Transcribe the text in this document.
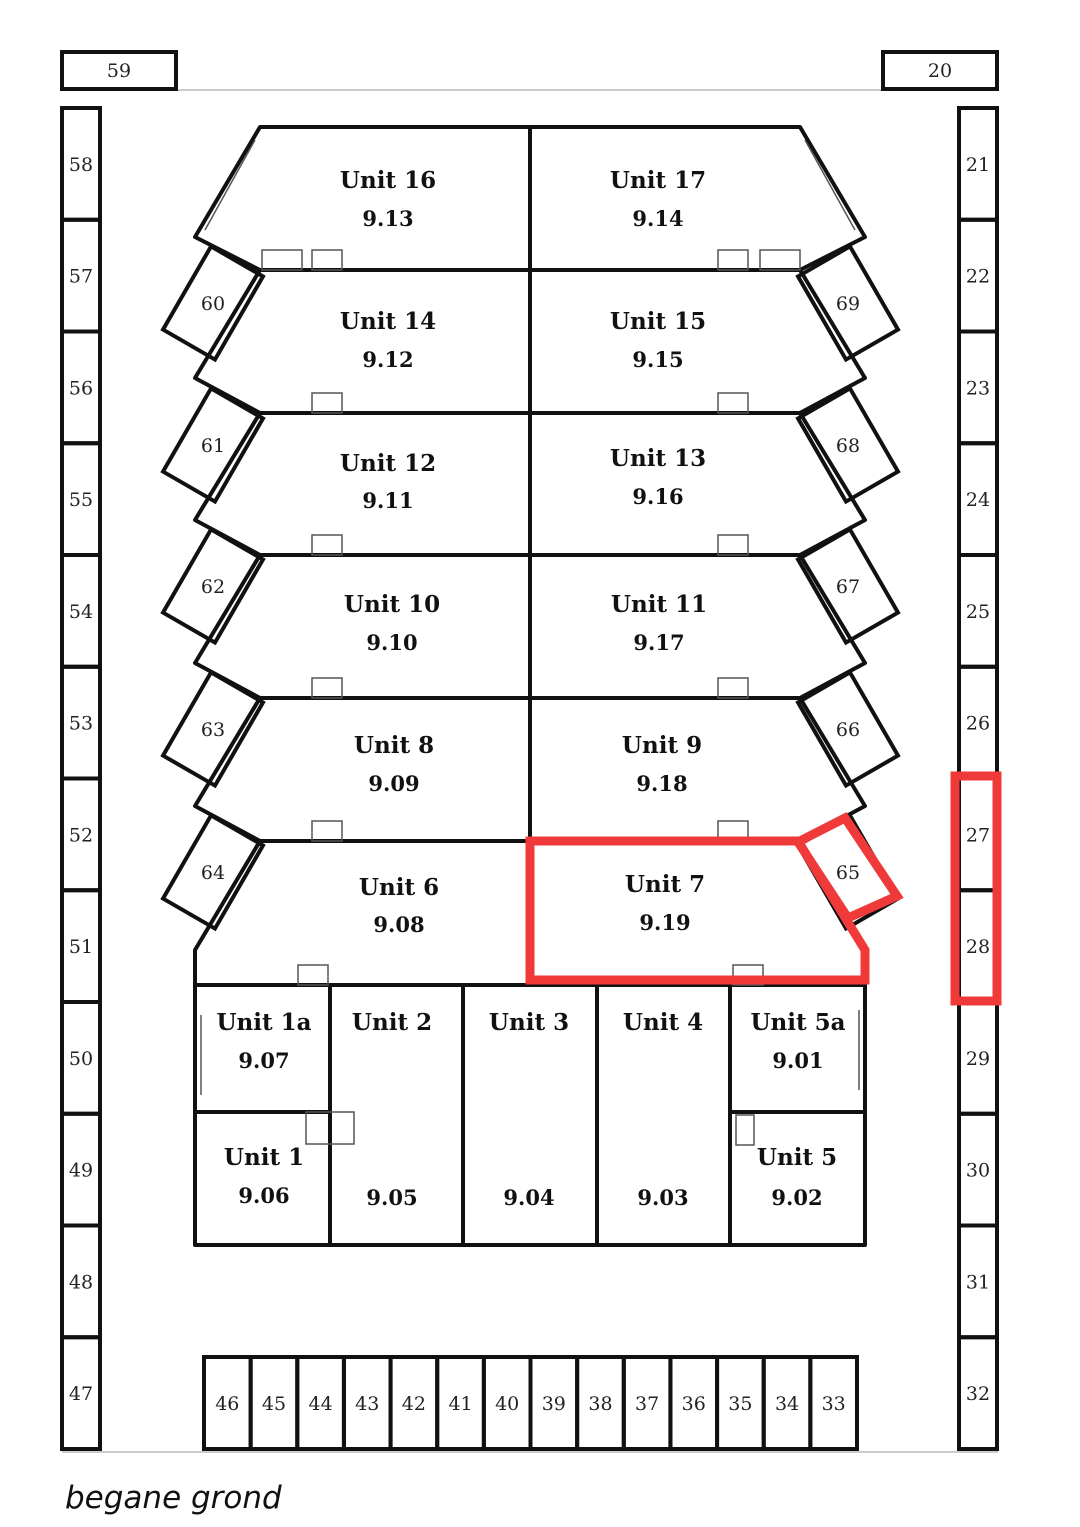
59	20
58
57
56
55
54
53
52
51
50
49
48
47
21
22
23
24
25
26
27
28
29
30
31
32
46 45 44 43 42 41 40 39 38 37 36 35 34 33
60
61
62
63
64
69
68
67
66
65
Unit 16
9.13
Unit 17
9.14
Unit 14
9.12
Unit 15
9.15
Unit 12
9.11
Unit 13
9.16
Unit 10
9.10
Unit 11
9.17
Unit 8
9.09
Unit 9
9.18
Unit 6
9.08
Unit 7
9.19
Unit 1a
9.07
Unit 1
9.06
Unit 2
9.05
Unit 3
9.04
Unit 4
9.03
Unit 5a
9.01
Unit 5
9.02
begane grond
